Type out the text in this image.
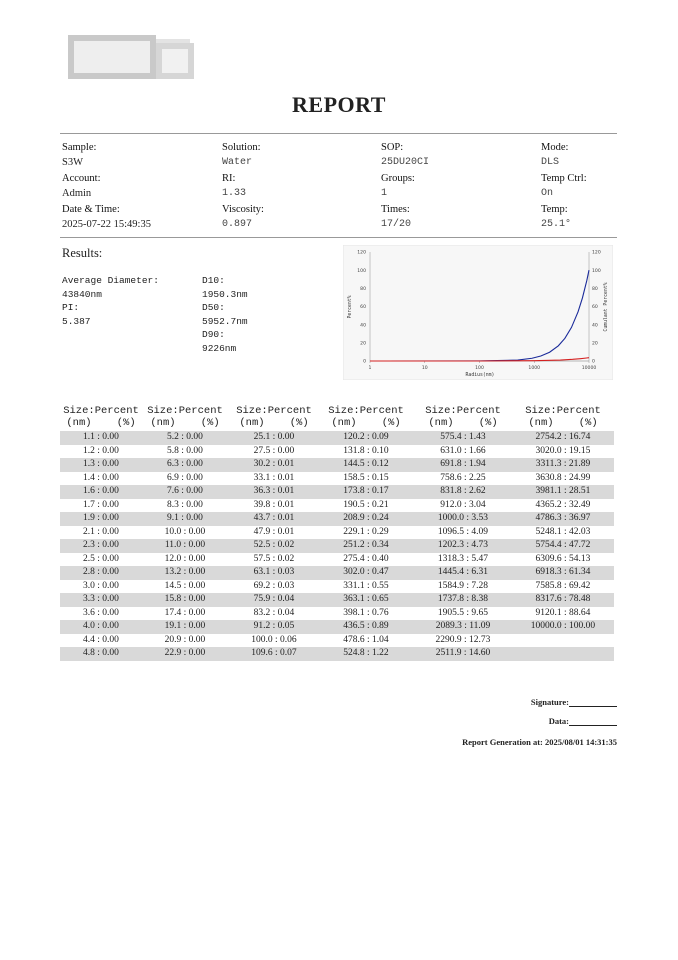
REPORT
Sample:
S3W
Solution:
Water
SOP:
25DU20CI
Mode:
DLS
Account:
Admin
RI:
1.33
Groups:
1
Temp Ctrl:
On
Date & Time:
2025-07-22 15:49:35
Viscosity:
0.897
Times:
17/20
Temp:
25.1°
Results:
Average Diameter:
43840nm
PI:
5.387
D10:
1950.3nm
D50:
5952.7nm
D90:
9226nm
0	0
20	20
40	40
60	60
80	80
100	100
120	120
1	10	100	1000	10000
Radius(nm)
Percent%	Cumulant Percent%
Size:Percent
(nm)    (%)
Size:Percent
(nm)    (%)
Size:Percent
(nm)    (%)
Size:Percent
(nm)    (%)
Size:Percent
(nm)    (%)
Size:Percent
(nm)    (%)
1.1 : 0.00	5.2 : 0.00	25.1 : 0.00	120.2 : 0.09	575.4 : 1.43	2754.2 : 16.74
1.2 : 0.00	5.8 : 0.00	27.5 : 0.00	131.8 : 0.10	631.0 : 1.66	3020.0 : 19.15
1.3 : 0.00	6.3 : 0.00	30.2 : 0.01	144.5 : 0.12	691.8 : 1.94	3311.3 : 21.89
1.4 : 0.00	6.9 : 0.00	33.1 : 0.01	158.5 : 0.15	758.6 : 2.25	3630.8 : 24.99
1.6 : 0.00	7.6 : 0.00	36.3 : 0.01	173.8 : 0.17	831.8 : 2.62	3981.1 : 28.51
1.7 : 0.00	8.3 : 0.00	39.8 : 0.01	190.5 : 0.21	912.0 : 3.04	4365.2 : 32.49
1.9 : 0.00	9.1 : 0.00	43.7 : 0.01	208.9 : 0.24	1000.0 : 3.53	4786.3 : 36.97
2.1 : 0.00	10.0 : 0.00	47.9 : 0.01	229.1 : 0.29	1096.5 : 4.09	5248.1 : 42.03
2.3 : 0.00	11.0 : 0.00	52.5 : 0.02	251.2 : 0.34	1202.3 : 4.73	5754.4 : 47.72
2.5 : 0.00	12.0 : 0.00	57.5 : 0.02	275.4 : 0.40	1318.3 : 5.47	6309.6 : 54.13
2.8 : 0.00	13.2 : 0.00	63.1 : 0.03	302.0 : 0.47	1445.4 : 6.31	6918.3 : 61.34
3.0 : 0.00	14.5 : 0.00	69.2 : 0.03	331.1 : 0.55	1584.9 : 7.28	7585.8 : 69.42
3.3 : 0.00	15.8 : 0.00	75.9 : 0.04	363.1 : 0.65	1737.8 : 8.38	8317.6 : 78.48
3.6 : 0.00	17.4 : 0.00	83.2 : 0.04	398.1 : 0.76	1905.5 : 9.65	9120.1 : 88.64
4.0 : 0.00	19.1 : 0.00	91.2 : 0.05	436.5 : 0.89	2089.3 : 11.09	10000.0 : 100.00
4.4 : 0.00	20.9 : 0.00	100.0 : 0.06	478.6 : 1.04	2290.9 : 12.73
4.8 : 0.00	22.9 : 0.00	109.6 : 0.07	524.8 : 1.22	2511.9 : 14.60
Signature:
Data:
Report Generation at: 2025/08/01 14:31:35
